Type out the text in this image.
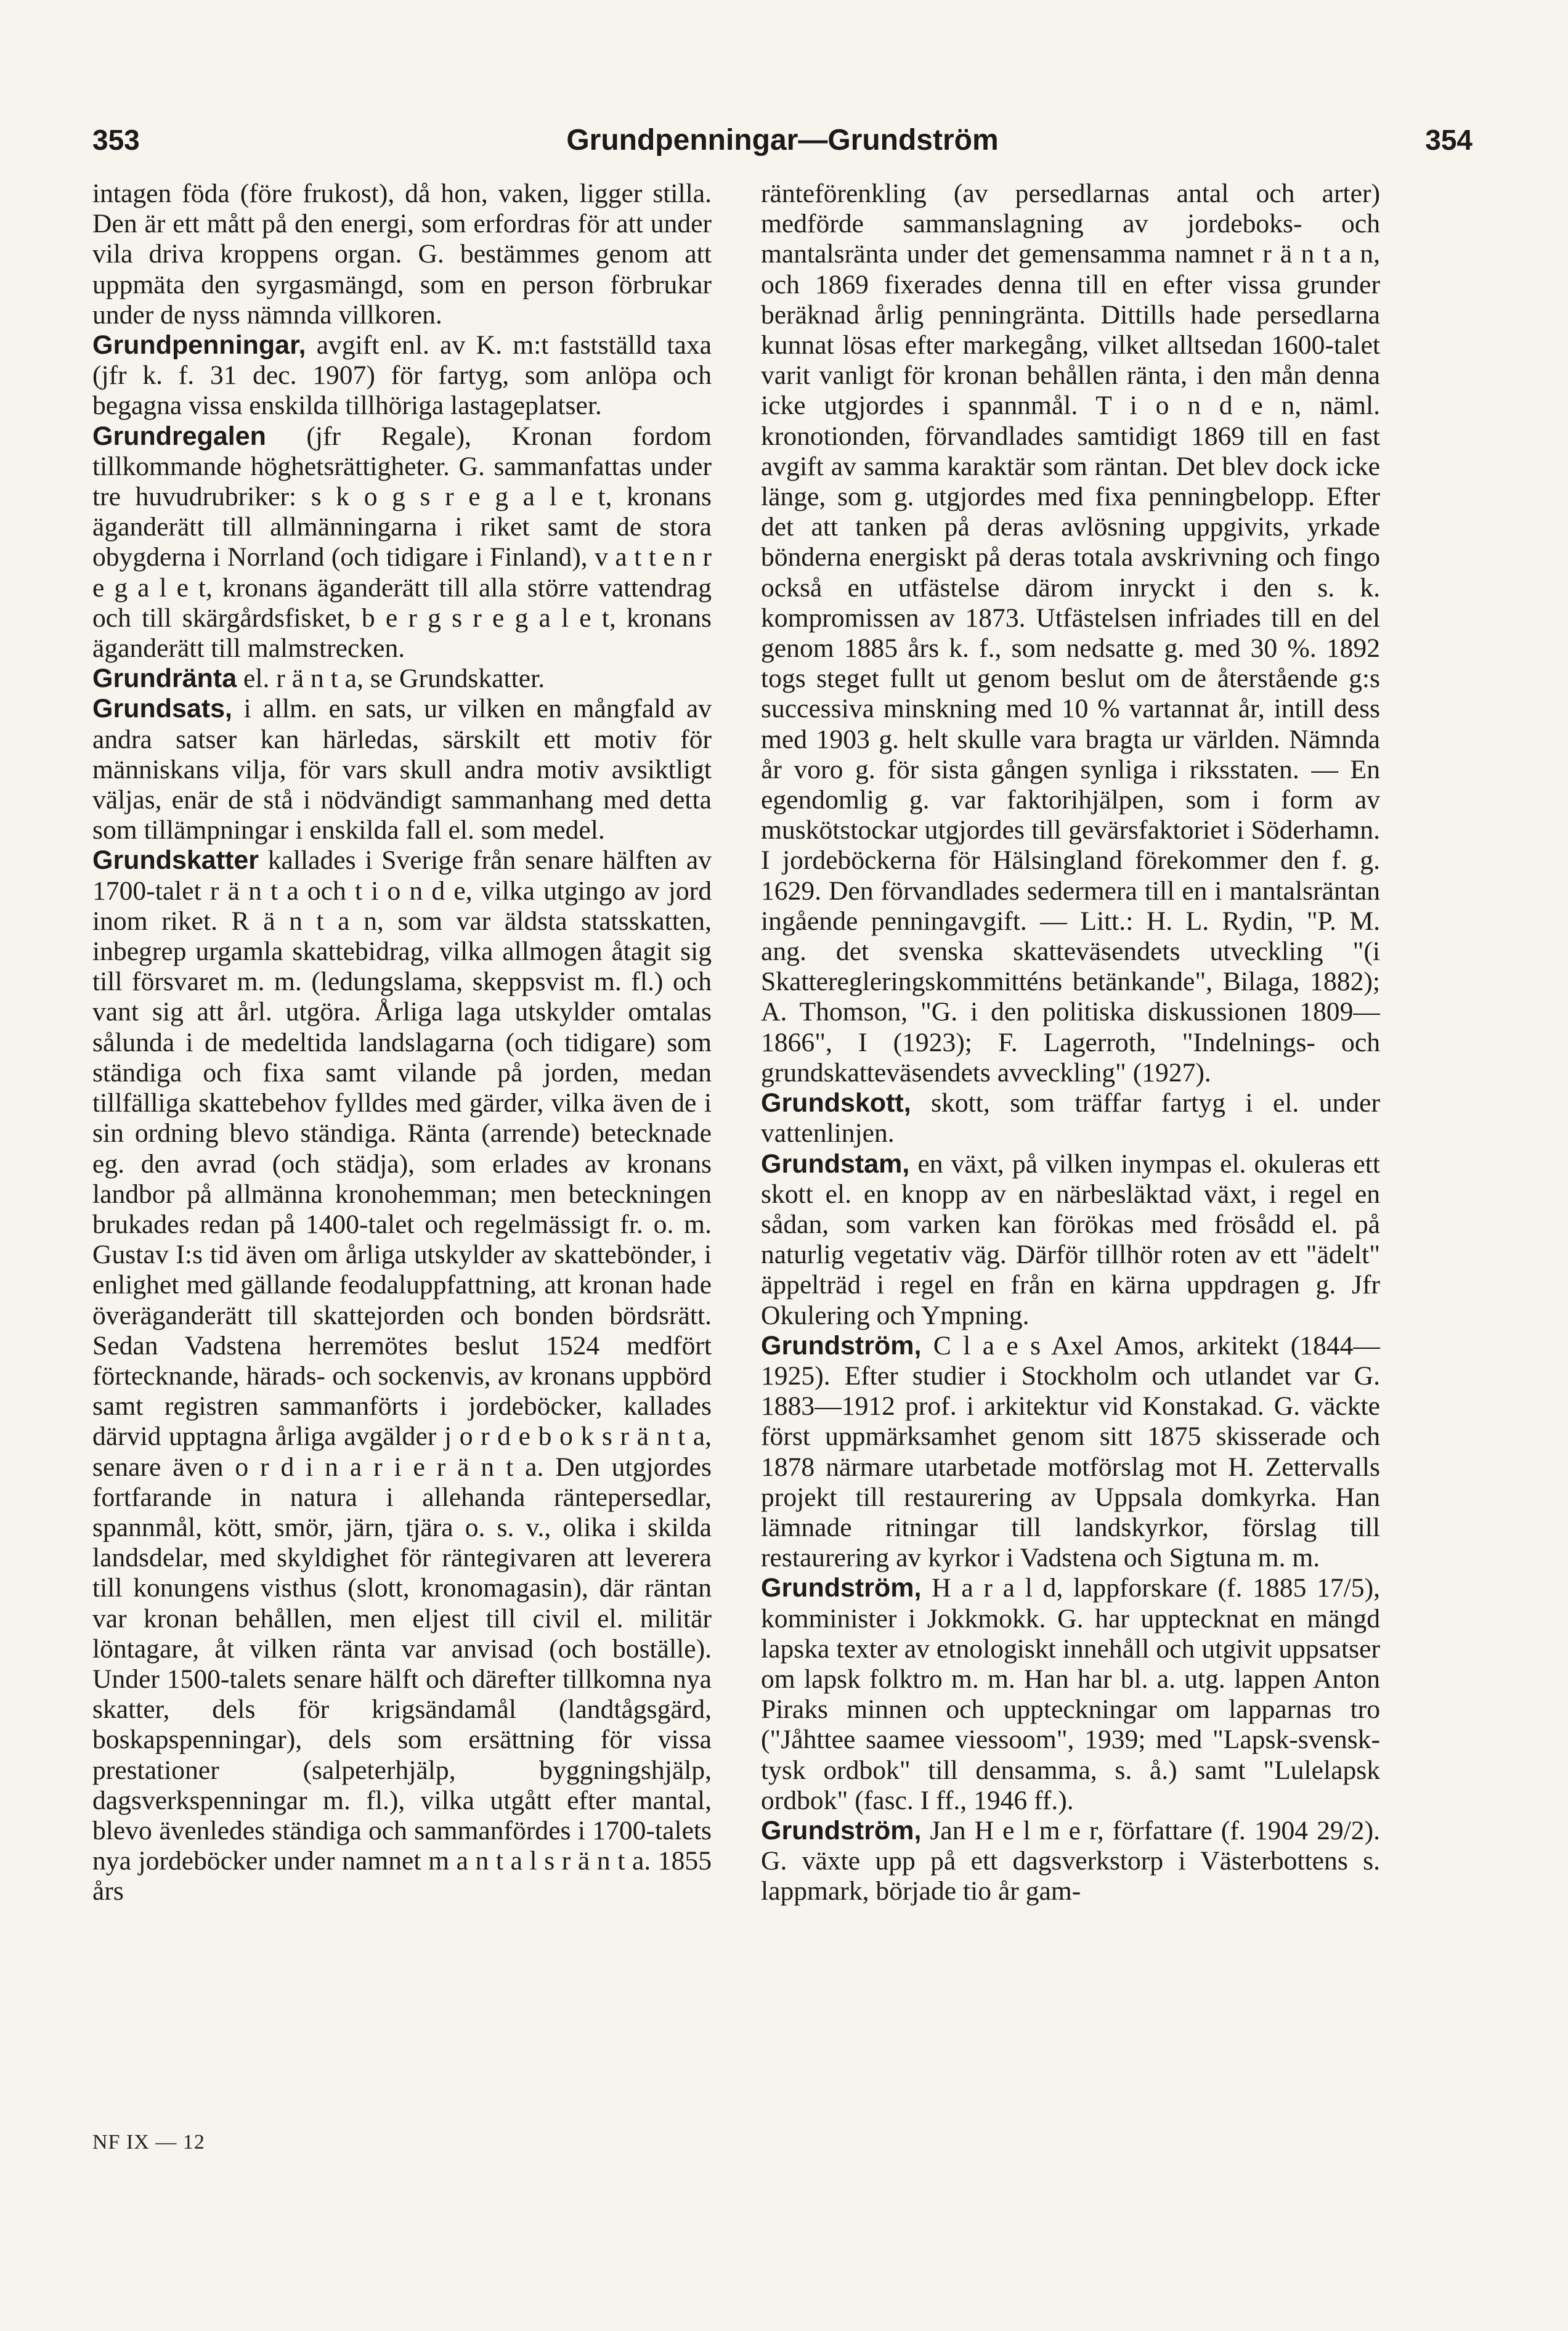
353	Grundpenningar—Grundström	354

intagen föda (före frukost), då hon, vaken, ligger stilla. Den är ett mått på den energi, som erfordras för att under vila driva kroppens organ. G. bestämmes genom att uppmäta den syrgasmängd, som en person förbrukar under de nyss nämnda villkoren.

Grundpenningar, avgift enl. av K. m:t fastställd taxa (jfr k. f. 31 dec. 1907) för fartyg, som anlöpa och begagna vissa enskilda tillhöriga lastageplatser.

Grundregalen (jfr Regale), Kronan fordom tillkommande höghetsrättigheter. G. sammanfattas under tre huvudrubriker: s k o g s r e g a l e t, kronans äganderätt till allmänningarna i riket samt de stora obygderna i Norrland (och tidigare i Finland), v a t t e n r e g a l e t, kronans äganderätt till alla större vattendrag och till skärgårdsfisket, b e r g s r e g a l e t, kronans äganderätt till malmstrecken.

Grundränta el. r ä n t a, se Grundskatter.

Grundsats, i allm. en sats, ur vilken en mångfald av andra satser kan härledas, särskilt ett motiv för människans vilja, för vars skull andra motiv avsiktligt väljas, enär de stå i nödvändigt sammanhang med detta som tillämpningar i enskilda fall el. som medel.

Grundskatter kallades i Sverige från senare hälften av 1700-talet r ä n t a och t i o n d e, vilka utgingo av jord inom riket. R ä n t a n, som var äldsta statsskatten, inbegrep urgamla skattebidrag, vilka allmogen åtagit sig till försvaret m. m. (ledungslama, skeppsvist m. fl.) och vant sig att årl. utgöra. Årliga laga utskylder omtalas sålunda i de medeltida landslagarna (och tidigare) som ständiga och fixa samt vilande på jorden, medan tillfälliga skattebehov fylldes med gärder, vilka även de i sin ordning blevo ständiga. Ränta (arrende) betecknade eg. den avrad (och städja), som erlades av kronans landbor på allmänna kronohemman; men beteckningen brukades redan på 1400-talet och regelmässigt fr. o. m. Gustav I:s tid även om årliga utskylder av skattebönder, i enlighet med gällande feodaluppfattning, att kronan hade överäganderätt till skattejorden och bonden bördsrätt. Sedan Vadstena herremötes beslut 1524 medfört förtecknande, härads- och sockenvis, av kronans uppbörd samt registren sammanförts i jordeböcker, kallades därvid upptagna årliga avgälder j o r d e b o k s r ä n t a, senare även o r d i n a r i e r ä n t a. Den utgjordes fortfarande in natura i allehanda räntepersedlar, spannmål, kött, smör, järn, tjära o. s. v., olika i skilda landsdelar, med skyldighet för räntegivaren att leverera till konungens visthus (slott, kronomagasin), där räntan var kronan behållen, men eljest till civil el. militär löntagare, åt vilken ränta var anvisad (och boställe). Under 1500-talets senare hälft och därefter tillkomna nya skatter, dels för krigsändamål (landtågsgärd, boskapspenningar), dels som ersättning för vissa prestationer (salpeterhjälp, byggningshjälp, dagsverkspenningar m. fl.), vilka utgått efter mantal, blevo ävenledes ständiga och sammanfördes i 1700-talets nya jordeböcker under namnet m a n t a l s r ä n t a. 1855 års

ränteförenkling (av persedlarnas antal och arter) medförde sammanslagning av jordeboks- och mantalsränta under det gemensamma namnet r ä n t a n, och 1869 fixerades denna till en efter vissa grunder beräknad årlig penningränta. Dittills hade persedlarna kunnat lösas efter markegång, vilket alltsedan 1600-talet varit vanligt för kronan behållen ränta, i den mån denna icke utgjordes i spannmål. T i o n d e n, näml. kronotionden, förvandlades samtidigt 1869 till en fast avgift av samma karaktär som räntan. Det blev dock icke länge, som g. utgjordes med fixa penningbelopp. Efter det att tanken på deras avlösning uppgivits, yrkade bönderna energiskt på deras totala avskrivning och fingo också en utfästelse därom inryckt i den s. k. kompromissen av 1873. Utfästelsen infriades till en del genom 1885 års k. f., som nedsatte g. med 30 %. 1892 togs steget fullt ut genom beslut om de återstående g:s successiva minskning med 10 % vartannat år, intill dess med 1903 g. helt skulle vara bragta ur världen. Nämnda år voro g. för sista gången synliga i riksstaten. — En egendomlig g. var faktorihjälpen, som i form av muskötstockar utgjordes till gevärsfaktoriet i Söderhamn. I jordeböckerna för Hälsingland förekommer den f. g. 1629. Den förvandlades sedermera till en i mantalsräntan ingående penningavgift. — Litt.: H. L. Rydin, "P. M. ang. det svenska skatteväsendets utveckling "(i Skatteregleringskommitténs betänkande", Bilaga, 1882); A. Thomson, "G. i den politiska diskussionen 1809—1866", I (1923); F. Lagerroth, "Indelnings- och grundskatteväsendets avveckling" (1927).

Grundskott, skott, som träffar fartyg i el. under vattenlinjen.

Grundstam, en växt, på vilken inympas el. okuleras ett skott el. en knopp av en närbesläktad växt, i regel en sådan, som varken kan förökas med frösådd el. på naturlig vegetativ väg. Därför tillhör roten av ett "ädelt" äppelträd i regel en från en kärna uppdragen g. Jfr Okulering och Ympning.

Grundström, C l a e s Axel Amos, arkitekt (1844—1925). Efter studier i Stockholm och utlandet var G. 1883—1912 prof. i arkitektur vid Konstakad. G. väckte först uppmärksamhet genom sitt 1875 skisserade och 1878 närmare utarbetade motförslag mot H. Zettervalls projekt till restaurering av Uppsala domkyrka. Han lämnade ritningar till landskyrkor, förslag till restaurering av kyrkor i Vadstena och Sigtuna m. m.

Grundström, H a r a l d, lappforskare (f. 1885 17/5), komminister i Jokkmokk. G. har upptecknat en mängd lapska texter av etnologiskt innehåll och utgivit uppsatser om lapsk folktro m. m. Han har bl. a. utg. lappen Anton Piraks minnen och uppteckningar om lapparnas tro ("Jåhttee saamee viessoom", 1939; med "Lapsk-svensk-tysk ordbok" till densamma, s. å.) samt "Lulelapsk ordbok" (fasc. I ff., 1946 ff.).

Grundström, Jan H e l m e r, författare (f. 1904 29/2). G. växte upp på ett dagsverkstorp i Västerbottens s. lappmark, började tio år gam-

NF IX — 12
